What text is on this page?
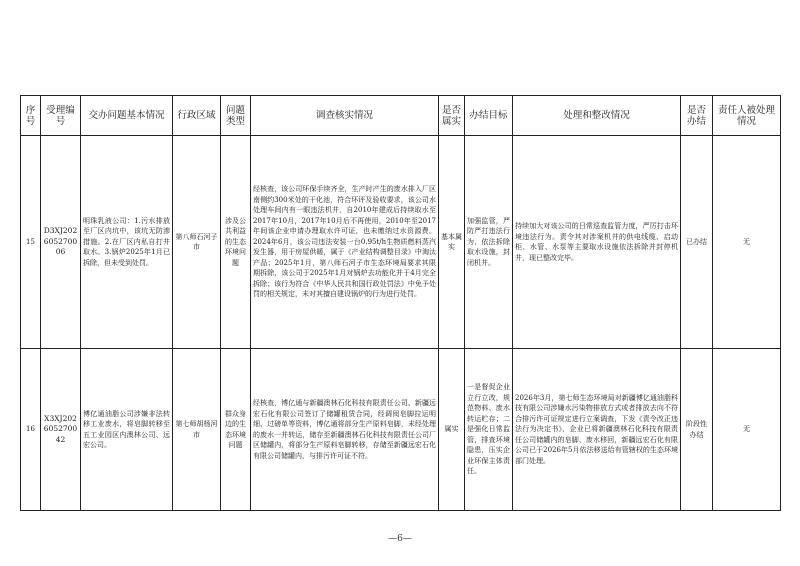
序号	受理编号	交办问题基本情况	行政区域	问题类型	调查核实情况	是否属实	办结目标	处理和整改情况	是否办结	责任人被处理情况
15	D3XJ202605270006	明珠乳液公司：1.污水排放至厂区内坑中，该坑无防渗措施。2.在厂区内私自打井取水。3.锅炉2025年1月已拆除，但未受到处罚。	第八师石河子市	涉及公共利益的生态环境问题	经核查，该公司环保手续齐全，生产时产生的废水排入厂区南侧约300米处的干化池，符合环评及验收要求，该公司水处理车间内有一眼违法机井，自2010年建成后持续取水至2017年10月，2017年10月后不再使用，2010年至2017年间该企业申请办理取水许可证，也未缴纳过水资源费。2024年6月，该公司违法安装一台0.95t/h生物质燃料蒸汽发生器，用于房屋供暖，属于《产业结构调整目录》中淘汰产品；2025年1月，第八师石河子市生态环境局要求其限期拆除，该公司于2025年1月对锅炉去功能化并于4月完全拆除；该行为符合《中华人民共和国行政处罚法》中免予处罚的相关规定，未对其擅自建设锅炉的行为进行处罚。	基本属实	加强监管，严防严打违法行为，依法拆除取水设施，封闭机井。	持续加大对该公司的日常巡查监管力度，严厉打击环境违法行为。责令其对涉案机井的供电线缆、启动柜、水管、水泵等主要取水设施依法拆除并封停机井，现已整改完毕。	已办结	无
16	X3XJ202605270042	博亿通油脂公司涉嫌非法转移工业废水，将皂脚转移至五工业园区内澳林公司、远宏公司。	第七师胡杨河市	群众身边的生态环境问题	经核查，博亿通与新疆澳林石化科技有限责任公司、新疆远宏石化有限公司签订了储罐租赁合同，经调阅皂脚拉运明细、过磅单等资料，博亿通将部分生产原料皂脚，未经处理的废水一并转运，储存至新疆澳林石化科技有限责任公司厂区储罐内，将部分生产原料皂脚转移，存储至新疆远宏石化有限公司储罐内，与排污许可证不符。	属实	一是督促企业立行立改，规范物料、废水转运贮存；二是强化日常监管，排查环境隐患，压实企业环保主体责任。	2026年3月，第七师生态环境局对新疆博亿通油脂科技有限公司涉嫌水污染物排放方式或者排放去向不符合排污许可证规定进行立案调查，下发《责令改正违法行为决定书》，企业已将新疆澳林石化科技有限责任公司储罐内的皂脚、废水移回，新疆远宏石化有限公司已于2026年5月依法移送给有管辖权的生态环境部门处理。	阶段性办结	无
—6—
